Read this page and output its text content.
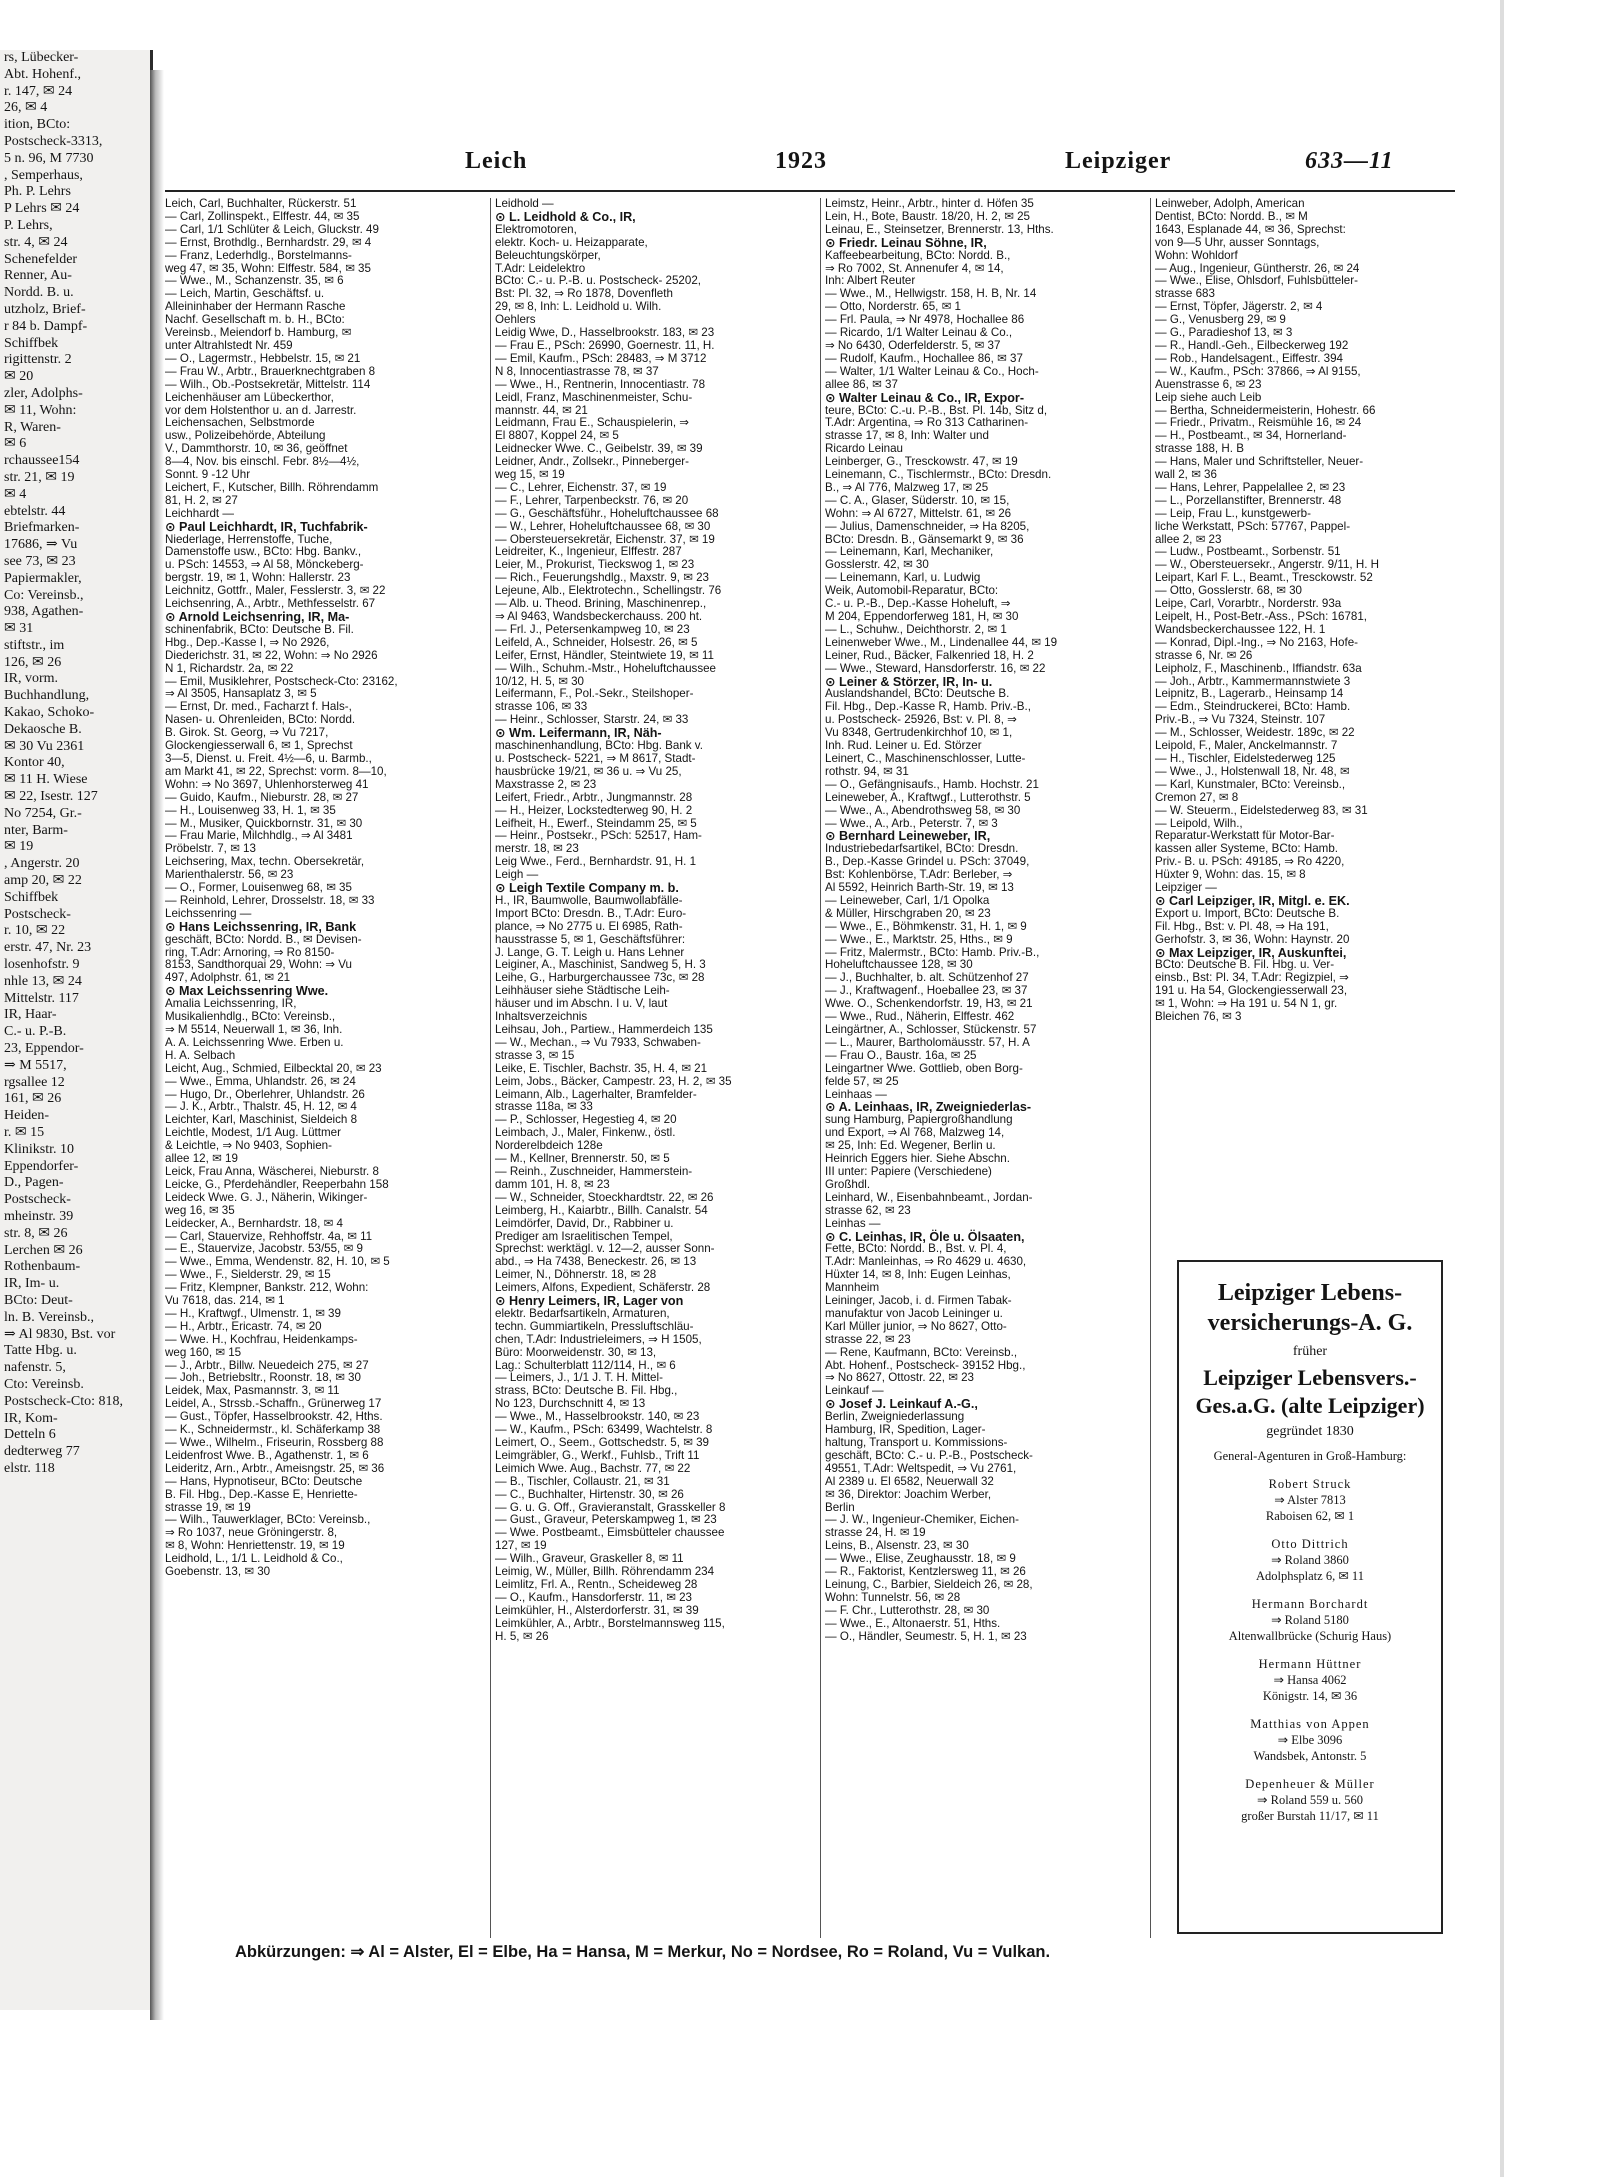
rs, Lübecker-
Abt. Hohenf.,
r. 147, ✉ 24
26, ✉ 4
ition, BCto:
Postscheck-3313,
5 n. 96, M 7730
, Semperhaus,
Ph. P. Lehrs
P Lehrs ✉ 24
P. Lehrs,
str. 4, ✉ 24
Schenefelder
Renner, Au-
Nordd. B. u.
utzholz, Brief-
r 84 b. Dampf-
Schiffbek
rigittenstr. 2
✉ 20
zler, Adolphs-
✉ 11, Wohn:
R, Waren-
✉ 6
rchaussee154
str. 21, ✉ 19
✉ 4
ebtelstr. 44
Briefmarken-
17686, ⇒ Vu
see 73, ✉ 23
Papiermakler,
Co: Vereinsb.,
938, Agathen-
✉ 31
stiftstr., im
126, ✉ 26
IR, vorm.
Buchhandlung,
Kakao, Schoko-
Dekaosche B.
✉ 30 Vu 2361
Kontor 40,
✉ 11 H. Wiese
✉ 22, Isestr. 127
No 7254, Gr.-
nter, Barm-
✉ 19
, Angerstr. 20
amp 20, ✉ 22
Schiffbek
Postscheck-
r. 10, ✉ 22
erstr. 47, Nr. 23
losenhofstr. 9
nhle 13, ✉ 24
Mittelstr. 117
IR, Haar-
C.- u. P.-B.
23, Eppendor-
⇒ M 5517,
rgsallee 12
161, ✉ 26
Heiden-
r. ✉ 15
Klinikstr. 10
Eppendorfer-
D., Pagen-
Postscheck-
mheinstr. 39
str. 8, ✉ 26
Lerchen ✉ 26
Rothenbaum-
IR, Im- u.
BCto: Deut-
ln. B. Vereinsb.,
⇒ Al 9830, Bst. vor
Tatte Hbg. u.
nafenstr. 5,
Cto: Vereinsb.
Postscheck-Cto: 818,
IR, Kom-
Detteln 6
dedterweg 77
elstr. 118
Leich	1923	Leipziger	633—11
Leich, Carl, Buchhalter, Rückerstr. 51
— Carl, Zollinspekt., Elffestr. 44, ✉ 35
— Carl, 1/1 Schlüter & Leich, Gluckstr. 49
— Ernst, Brothdlg., Bernhardstr. 29, ✉ 4
— Franz, Lederhdlg., Borstelmanns-
weg 47, ✉ 35, Wohn: Elffestr. 584, ✉ 35
— Wwe., M., Schanzenstr. 35, ✉ 6
— Leich, Martin, Geschäftsf. u.
Alleininhaber der Hermann Rasche
Nachf. Gesellschaft m. b. H., BCto:
Vereinsb., Meiendorf b. Hamburg, ✉
unter Altrahlstedt Nr. 459
— O., Lagermstr., Hebbelstr. 15, ✉ 21
— Frau W., Arbtr., Brauerknechtgraben 8
— Wilh., Ob.-Postsekretär, Mittelstr. 114
Leichenhäuser am Lübeckerthor,
vor dem Holstenthor u. an d. Jarrestr.
Leichensachen, Selbstmorde
usw., Polizeibehörde, Abteilung
V., Dammthorstr. 10, ✉ 36, geöffnet
8—4, Nov. bis einschl. Febr. 8½—4½,
Sonnt. 9 -12 Uhr
Leichert, F., Kutscher, Billh. Röhrendamm
81, H. 2, ✉ 27
Leichhardt —
⊙ Paul Leichhardt, IR, Tuchfabrik-
Niederlage, Herrenstoffe, Tuche,
Damenstoffe usw., BCto: Hbg. Bankv.,
u. PSch: 14553, ⇒ Al 58, Mönckeberg-
bergstr. 19, ✉ 1, Wohn: Hallerstr. 23
Leichnitz, Gottfr., Maler, Fesslerstr. 3, ✉ 22
Leichsenring, A., Arbtr., Methfesselstr. 67
⊙ Arnold Leichsenring, IR, Ma-
schinenfabrik, BCto: Deutsche B. Fil.
Hbg., Dep.-Kasse I, ⇒ No 2926,
Diederichstr. 31, ✉ 22, Wohn: ⇒ No 2926
N 1, Richardstr. 2a, ✉ 22
— Emil, Musiklehrer, Postscheck-Cto: 23162,
⇒ Al 3505, Hansaplatz 3, ✉ 5
— Ernst, Dr. med., Facharzt f. Hals-,
Nasen- u. Ohrenleiden, BCto: Nordd.
B. Girok. St. Georg, ⇒ Vu 7217,
Glockengiesserwall 6, ✉ 1, Sprechst
3—5, Dienst. u. Freit. 4½—6, u. Barmb.,
am Markt 41, ✉ 22, Sprechst: vorm. 8—10,
Wohn: ⇒ No 3697, Uhlenhorsterweg 41
— Guido, Kaufm., Nieburstr. 28, ✉ 27
— H., Louisenweg 33, H. 1, ✉ 35
— M., Musiker, Quickbornstr. 31, ✉ 30
— Frau Marie, Milchhdlg., ⇒ Al 3481
Pröbelstr. 7, ✉ 13
Leichsering, Max, techn. Obersekretär,
Marienthalerstr. 56, ✉ 23
— O., Former, Louisenweg 68, ✉ 35
— Reinhold, Lehrer, Drosselstr. 18, ✉ 33
Leichssenring —
⊙ Hans Leichssenring, IR, Bank
geschäft, BCto: Nordd. B., ✉ Devisen-
ring, T.Adr: Arnoring, ⇒ Ro 8150-
8153, Sandthorquai 29, Wohn: ⇒ Vu
497, Adolphstr. 61, ✉ 21
⊙ Max Leichssenring Wwe.
Amalia Leichssenring, IR,
Musikalienhdlg., BCto: Vereinsb.,
⇒ M 5514, Neuerwall 1, ✉ 36, Inh.
A. A. Leichssenring Wwe. Erben u.
H. A. Selbach
Leicht, Aug., Schmied, Eilbecktal 20, ✉ 23
— Wwe., Emma, Uhlandstr. 26, ✉ 24
— Hugo, Dr., Oberlehrer, Uhlandstr. 26
— J. K., Arbtr., Thalstr. 45, H. 12, ✉ 4
Leichter, Karl, Maschinist, Sieldeich 8
Leichtle, Modest, 1/1 Aug. Lüttmer
& Leichtle, ⇒ No 9403, Sophien-
allee 12, ✉ 19
Leick, Frau Anna, Wäscherei, Nieburstr. 8
Leicke, G., Pferdehändler, Reeperbahn 158
Leideck Wwe. G. J., Näherin, Wikinger-
weg 16, ✉ 35
Leidecker, A., Bernhardstr. 18, ✉ 4
— Carl, Stauervize, Rehhoffstr. 4a, ✉ 11
— E., Stauervize, Jacobstr. 53/55, ✉ 9
— Wwe., Emma, Wendenstr. 82, H. 10, ✉ 5
— Wwe., F., Sielderstr. 29, ✉ 15
— Fritz, Klempner, Bankstr. 212, Wohn:
Vu 7618, das. 214, ✉ 1
— H., Kraftwgf., Ulmenstr. 1, ✉ 39
— H., Arbtr., Ericastr. 74, ✉ 20
— Wwe. H., Kochfrau, Heidenkamps-
weg 160, ✉ 15
— J., Arbtr., Billw. Neuedeich 275, ✉ 27
— Joh., Betriebsltr., Roonstr. 18, ✉ 30
Leidek, Max, Pasmannstr. 3, ✉ 11
Leidel, A., Strssb.-Schaffn., Grünerweg 17
— Gust., Töpfer, Hasselbrookstr. 42, Hths.
— K., Schneidermstr., kl. Schäferkamp 38
— Wwe., Wilhelm., Friseurin, Rossberg 88
Leidenfrost Wwe. B., Agathenstr. 1, ✉ 6
Leideritz, Arn., Arbtr., Ameisngstr. 25, ✉ 36
— Hans, Hypnotiseur, BCto: Deutsche
B. Fil. Hbg., Dep.-Kasse E, Henriette-
strasse 19, ✉ 19
— Wilh., Tauwerklager, BCto: Vereinsb.,
⇒ Ro 1037, neue Gröningerstr. 8,
✉ 8, Wohn: Henriettenstr. 19, ✉ 19
Leidhold, L., 1/1 L. Leidhold & Co.,
Goebenstr. 13, ✉ 30
Leidhold —
⊙ L. Leidhold & Co., IR,
Elektromotoren,
elektr. Koch- u. Heizapparate,
Beleuchtungskörper,
T.Adr: Leidelektro
BCto: C.- u. P.-B. u. Postscheck- 25202,
Bst: Pl. 32, ⇒ Ro 1878, Dovenfleth
29, ✉ 8, Inh: L. Leidhold u. Wilh.
Oehlers
Leidig Wwe, D., Hasselbrookstr. 183, ✉ 23
— Frau E., PSch: 26990, Goernestr. 11, H.
— Emil, Kaufm., PSch: 28483, ⇒ M 3712
N 8, Innocentiastrasse 78, ✉ 37
— Wwe., H., Rentnerin, Innocentiastr. 78
Leidl, Franz, Maschinenmeister, Schu-
mannstr. 44, ✉ 21
Leidmann, Frau E., Schauspielerin, ⇒
El 8807, Koppel 24, ✉ 5
Leidnecker Wwe. C., Geibelstr. 39, ✉ 39
Leidner, Andr., Zollsekr., Pinneberger-
weg 15, ✉ 19
— C., Lehrer, Eichenstr. 37, ✉ 19
— F., Lehrer, Tarpenbeckstr. 76, ✉ 20
— G., Geschäftsführ., Hoheluftchaussee 68
— W., Lehrer, Hoheluftchaussee 68, ✉ 30
— Obersteuersekretär, Eichenstr. 37, ✉ 19
Leidreiter, K., Ingenieur, Elffestr. 287
Leier, M., Prokurist, Tieckswog 1, ✉ 23
— Rich., Feuerungshdlg., Maxstr. 9, ✉ 23
Lejeune, Alb., Elektrotechn., Schellingstr. 76
— Alb. u. Theod. Brining, Maschinenrep.,
⇒ Al 9463, Wandsbeckerchauss. 200 ht.
— Frl. J., Petersenkampweg 10, ✉ 23
Leifeld, A., Schneider, Holsestr. 26, ✉ 5
Leifer, Ernst, Händler, Steintwiete 19, ✉ 11
— Wilh., Schuhm.-Mstr., Hoheluftchaussee
10/12, H. 5, ✉ 30
Leifermann, F., Pol.-Sekr., Steilshoper-
strasse 106, ✉ 33
— Heinr., Schlosser, Starstr. 24, ✉ 33
⊙ Wm. Leifermann, IR, Näh-
maschinenhandlung, BCto: Hbg. Bank v.
u. Postscheck- 5221, ⇒ M 8617, Stadt-
hausbrücke 19/21, ✉ 36 u. ⇒ Vu 25,
Maxstrasse 2, ✉ 23
Leifert, Friedr., Arbtr., Jungmannstr. 28
— H., Heizer, Lockstedterweg 90, H. 2
Leifheit, H., Ewerf., Steindamm 25, ✉ 5
— Heinr., Postsekr., PSch: 52517, Ham-
merstr. 18, ✉ 23
Leig Wwe., Ferd., Bernhardstr. 91, H. 1
Leigh —
⊙ Leigh Textile Company m. b.
H., IR, Baumwolle, Baumwollabfälle-
Import BCto: Dresdn. B., T.Adr: Euro-
plance, ⇒ No 2775 u. El 6985, Rath-
hausstrasse 5, ✉ 1, Geschäftsführer:
J. Lange, G. T. Leigh u. Hans Lehner
Leiginer, A., Maschinist, Sandweg 5, H. 3
Leihe, G., Harburgerchaussee 73c, ✉ 28
Leihhäuser siehe Städtische Leih-
häuser und im Abschn. I u. V, laut
Inhaltsverzeichnis
Leihsau, Joh., Partiew., Hammerdeich 135
— W., Mechan., ⇒ Vu 7933, Schwaben-
strasse 3, ✉ 15
Leike, E. Tischler, Bachstr. 35, H. 4, ✉ 21
Leim, Jobs., Bäcker, Campestr. 23, H. 2, ✉ 35
Leimann, Alb., Lagerhalter, Bramfelder-
strasse 118a, ✉ 33
— P., Schlosser, Hegestieg 4, ✉ 20
Leimbach, J., Maler, Finkenw., östl.
Norderelbdeich 128e
— M., Kellner, Brennerstr. 50, ✉ 5
— Reinh., Zuschneider, Hammerstein-
damm 101, H. 8, ✉ 23
— W., Schneider, Stoeckhardtstr. 22, ✉ 26
Leimberg, H., Kaiarbtr., Billh. Canalstr. 54
Leimdörfer, David, Dr., Rabbiner u.
Prediger am Israelitischen Tempel,
Sprechst: werktägl. v. 12—2, ausser Sonn-
abd., ⇒ Ha 7438, Beneckestr. 26, ✉ 13
Leimer, N., Döhnerstr. 18, ✉ 28
Leimers, Alfons, Expedient, Schäferstr. 28
⊙ Henry Leimers, IR, Lager von
elektr. Bedarfsartikeln, Armaturen,
techn. Gummiartikeln, Pressluftschläu-
chen, T.Adr: Industrieleimers, ⇒ H 1505,
Büro: Moorweidenstr. 30, ✉ 13,
Lag.: Schulterblatt 112/114, H., ✉ 6
— Leimers, J., 1/1 J. T. H. Mittel-
strass, BCto: Deutsche B. Fil. Hbg.,
No 123, Durchschnitt 4, ✉ 13
— Wwe., M., Hasselbrookstr. 140, ✉ 23
— W., Kaufm., PSch: 63499, Wachtelstr. 8
Leimert, O., Seem., Gottschedstr. 5, ✉ 39
Leimgräbler, G., Werkf., Fuhlsb., Trift 11
Leimich Wwe. Aug., Bachstr. 77, ✉ 22
— B., Tischler, Collaustr. 21, ✉ 31
— C., Buchhalter, Hirtenstr. 30, ✉ 26
— G. u. G. Off., Gravieranstalt, Grasskeller 8
— Gust., Graveur, Peterskampweg 1, ✉ 23
— Wwe. Postbeamt., Eimsbütteler chaussee
127, ✉ 19
— Wilh., Graveur, Graskeller 8, ✉ 11
Leimig, W., Müller, Billh. Röhrendamm 234
Leimlitz, Frl. A., Rentn., Scheideweg 28
— O., Kaufm., Hansdorferstr. 11, ✉ 23
Leimkühler, H., Alsterdorferstr. 31, ✉ 39
Leimkühler, A., Arbtr., Borstelmannsweg 115,
H. 5, ✉ 26
Leimstz, Heinr., Arbtr., hinter d. Höfen 35
Lein, H., Bote, Baustr. 18/20, H. 2, ✉ 25
Leinau, E., Steinsetzer, Brennerstr. 13, Hths.
⊙ Friedr. Leinau Söhne, IR,
Kaffeebearbeitung, BCto: Nordd. B.,
⇒ Ro 7002, St. Annenufer 4, ✉ 14,
Inh: Albert Reuter
— Wwe., M., Hellwigstr. 158, H. B, Nr. 14
— Otto, Norderstr. 65, ✉ 1
— Frl. Paula, ⇒ Nr 4978, Hochallee 86
— Ricardo, 1/1 Walter Leinau & Co.,
⇒ No 6430, Oderfelderstr. 5, ✉ 37
— Rudolf, Kaufm., Hochallee 86, ✉ 37
— Walter, 1/1 Walter Leinau & Co., Hoch-
allee 86, ✉ 37
⊙ Walter Leinau & Co., IR, Expor-
teure, BCto: C.-u. P.-B., Bst. Pl. 14b, Sitz d,
T.Adr: Argentina, ⇒ Ro 313 Catharinen-
strasse 17, ✉ 8, Inh: Walter und
Ricardo Leinau
Leinberger, G., Tresckowstr. 47, ✉ 19
Leinemann, C., Tischlermstr., BCto: Dresdn.
B., ⇒ Al 776, Malzweg 17, ✉ 25
— C. A., Glaser, Süderstr. 10, ✉ 15,
Wohn: ⇒ Al 6727, Mittelstr. 61, ✉ 26
— Julius, Damenschneider, ⇒ Ha 8205,
BCto: Dresdn. B., Gänsemarkt 9, ✉ 36
— Leinemann, Karl, Mechaniker,
Gosslerstr. 42, ✉ 30
— Leinemann, Karl, u. Ludwig
Weik, Automobil-Reparatur, BCto:
C.- u. P.-B., Dep.-Kasse Hoheluft, ⇒
M 204, Eppendorferweg 181, H, ✉ 30
— L., Schuhw., Deichthorstr. 2, ✉ 1
Leinenweber Wwe., M., Lindenallee 44, ✉ 19
Leiner, Rud., Bäcker, Falkenried 18, H. 2
— Wwe., Steward, Hansdorferstr. 16, ✉ 22
⊙ Leiner & Störzer, IR, In- u.
Auslandshandel, BCto: Deutsche B.
Fil. Hbg., Dep.-Kasse R, Hamb. Priv.-B.,
u. Postscheck- 25926, Bst: v. Pl. 8, ⇒
Vu 8348, Gertrudenkirchhof 10, ✉ 1,
Inh. Rud. Leiner u. Ed. Störzer
Leinert, C., Maschinenschlosser, Lutte-
rothstr. 94, ✉ 31
— O., Gefängnisaufs., Hamb. Hochstr. 21
Leineweber, A., Kraftwgf., Lutterothstr. 5
— Wwe., A., Abendrothsweg 58, ✉ 30
— Wwe., A., Arb., Peterstr. 7, ✉ 3
⊙ Bernhard Leineweber, IR,
Industriebedarfsartikel, BCto: Dresdn.
B., Dep.-Kasse Grindel u. PSch: 37049,
Bst: Kohlenbörse, T.Adr: Berleber, ⇒
Al 5592, Heinrich Barth-Str. 19, ✉ 13
— Leineweber, Carl, 1/1 Opolka
& Müller, Hirschgraben 20, ✉ 23
— Wwe., E., Böhmkenstr. 31, H. 1, ✉ 9
— Wwe., E., Marktstr. 25, Hths., ✉ 9
— Fritz, Malermstr., BCto: Hamb. Priv.-B.,
Hoheluftchaussee 128, ✉ 30
— J., Buchhalter, b. alt. Schützenhof 27
— J., Kraftwagenf., Hoeballee 23, ✉ 37
Wwe. O., Schenkendorfstr. 19, H3, ✉ 21
— Wwe., Rud., Näherin, Elffestr. 462
Leingärtner, A., Schlosser, Stückenstr. 57
— L., Maurer, Bartholomäusstr. 57, H. A
— Frau O., Baustr. 16a, ✉ 25
Leingartner Wwe. Gottlieb, oben Borg-
felde 57, ✉ 25
Leinhaas —
⊙ A. Leinhaas, IR, Zweigniederlas-
sung Hamburg, Papiergroßhandlung
und Export, ⇒ Al 768, Malzweg 14,
✉ 25, Inh: Ed. Wegener, Berlin u.
Heinrich Eggers hier. Siehe Abschn.
III unter: Papiere (Verschiedene)
Großhdl.
Leinhard, W., Eisenbahnbeamt., Jordan-
strasse 62, ✉ 23
Leinhas —
⊙ C. Leinhas, IR, Öle u. Ölsaaten,
Fette, BCto: Nordd. B., Bst. v. Pl. 4,
T.Adr: Manleinhas, ⇒ Ro 4629 u. 4630,
Hüxter 14, ✉ 8, Inh: Eugen Leinhas,
Mannheim
Leininger, Jacob, i. d. Firmen Tabak-
manufaktur von Jacob Leininger u.
Karl Müller junior, ⇒ No 8627, Otto-
strasse 22, ✉ 23
— Rene, Kaufmann, BCto: Vereinsb.,
Abt. Hohenf., Postscheck- 39152 Hbg.,
⇒ No 8627, Ottostr. 22, ✉ 23
Leinkauf —
⊙ Josef J. Leinkauf A.-G.,
Berlin, Zweigniederlassung
Hamburg, IR, Spedition, Lager-
haltung, Transport u. Kommissions-
geschäft, BCto: C.- u. P.-B., Postscheck-
49551, T.Adr: Weltspedit, ⇒ Vu 2761,
Al 2389 u. El 6582, Neuerwall 32
✉ 36, Direktor: Joachim Werber,
Berlin
— J. W., Ingenieur-Chemiker, Eichen-
strasse 24, H. ✉ 19
Leins, B., Alsenstr. 23, ✉ 30
— Wwe., Elise, Zeughausstr. 18, ✉ 9
— R., Faktorist, Kentzlersweg 11, ✉ 26
Leinung, C., Barbier, Sieldeich 26, ✉ 28,
Wohn: Tunnelstr. 56, ✉ 28
— F. Chr., Lutterothstr. 28, ✉ 30
— Wwe., E., Altonaerstr. 51, Hths.
— O., Händler, Seumestr. 5, H. 1, ✉ 23
Leinweber, Adolph, American
Dentist, BCto: Nordd. B., ✉ M
1643, Esplanade 44, ✉ 36, Sprechst:
von 9—5 Uhr, ausser Sonntags,
Wohn: Wohldorf
— Aug., Ingenieur, Güntherstr. 26, ✉ 24
— Wwe., Elise, Ohlsdorf, Fuhlsbütteler-
strasse 683
— Ernst, Töpfer, Jägerstr. 2, ✉ 4
— G., Venusberg 29, ✉ 9
— G., Paradieshof 13, ✉ 3
— R., Handl.-Geh., Eilbeckerweg 192
— Rob., Handelsagent., Eiffestr. 394
— W., Kaufm., PSch: 37866, ⇒ Al 9155,
Auenstrasse 6, ✉ 23
Leip siehe auch Leib
— Bertha, Schneidermeisterin, Hohestr. 66
— Friedr., Privatm., Reismühle 16, ✉ 24
— H., Postbeamt., ✉ 34, Hornerland-
strasse 188, H. B
— Hans, Maler und Schriftsteller, Neuer-
wall 2, ✉ 36
— Hans, Lehrer, Pappelallee 2, ✉ 23
— L., Porzellanstifter, Brennerstr. 48
— Leip, Frau L., kunstgewerb-
liche Werkstatt, PSch: 57767, Pappel-
allee 2, ✉ 23
— Ludw., Postbeamt., Sorbenstr. 51
— W., Obersteuersekr., Angerstr. 9/11, H. H
Leipart, Karl F. L., Beamt., Tresckowstr. 52
— Otto, Gosslerstr. 68, ✉ 30
Leipe, Carl, Vorarbtr., Norderstr. 93a
Leipelt, H., Post-Betr.-Ass., PSch: 16781,
Wandsbeckerchaussee 122, H. 1
— Konrad, Dipl.-Ing., ⇒ No 2163, Hofe-
strasse 6, Nr. ✉ 26
Leipholz, F., Maschinenb., Iffiandstr. 63a
— Joh., Arbtr., Kammermannstwiete 3
Leipnitz, B., Lagerarb., Heinsamp 14
— Edm., Steindruckerei, BCto: Hamb.
Priv.-B., ⇒ Vu 7324, Steinstr. 107
— M., Schlosser, Weidestr. 189c, ✉ 22
Leipold, F., Maler, Anckelmannstr. 7
— H., Tischler, Eidelstederweg 125
— Wwe., J., Holstenwall 18, Nr. 48, ✉
— Karl, Kunstmaler, BCto: Vereinsb.,
Cremon 27, ✉ 8
— W. Steuerm., Eidelstederweg 83, ✉ 31
— Leipold, Wilh.,
Reparatur-Werkstatt für Motor-Bar-
kassen aller Systeme, BCto: Hamb.
Priv.- B. u. PSch: 49185, ⇒ Ro 4220,
Hüxter 9, Wohn: das. 15, ✉ 8
Leipziger —
⊙ Carl Leipziger, IR, Mitgl. e. EK.
Export u. Import, BCto: Deutsche B.
Fil. Hbg., Bst: v. Pl. 48, ⇒ Ha 191,
Gerhofstr. 3, ✉ 36, Wohn: Haynstr. 20
⊙ Max Leipziger, IR, Auskunftei,
BCto: Deutsche B. Fil. Hbg. u. Ver-
einsb., Bst: Pl. 34, T.Adr: Regizpiel, ⇒
191 u. Ha 54, Glockengiesserwall 23,
✉ 1, Wohn: ⇒ Ha 191 u. 54 N 1, gr.
Bleichen 76, ✉ 3
Leipziger Lebens-versicherungs-A. G.
früher
Leipziger Lebensvers.-Ges.a.G. (alte Leipziger)
gegründet 1830
General-Agenturen in Groß-Hamburg:
Robert Struck
⇒ Alster 7813
Raboisen 62, ✉ 1
Otto Dittrich
⇒ Roland 3860
Adolphsplatz 6, ✉ 11
Hermann Borchardt
⇒ Roland 5180
Altenwallbrücke (Schurig Haus)
Hermann Hüttner
⇒ Hansa 4062
Königstr. 14, ✉ 36
Matthias von Appen
⇒ Elbe 3096
Wandsbek, Antonstr. 5
Depenheuer & Müller
⇒ Roland 559 u. 560
großer Burstah 11/17, ✉ 11
Abkürzungen: ⇒ Al = Alster, El = Elbe, Ha = Hansa, M = Merkur, No = Nordsee, Ro = Roland, Vu = Vulkan.
